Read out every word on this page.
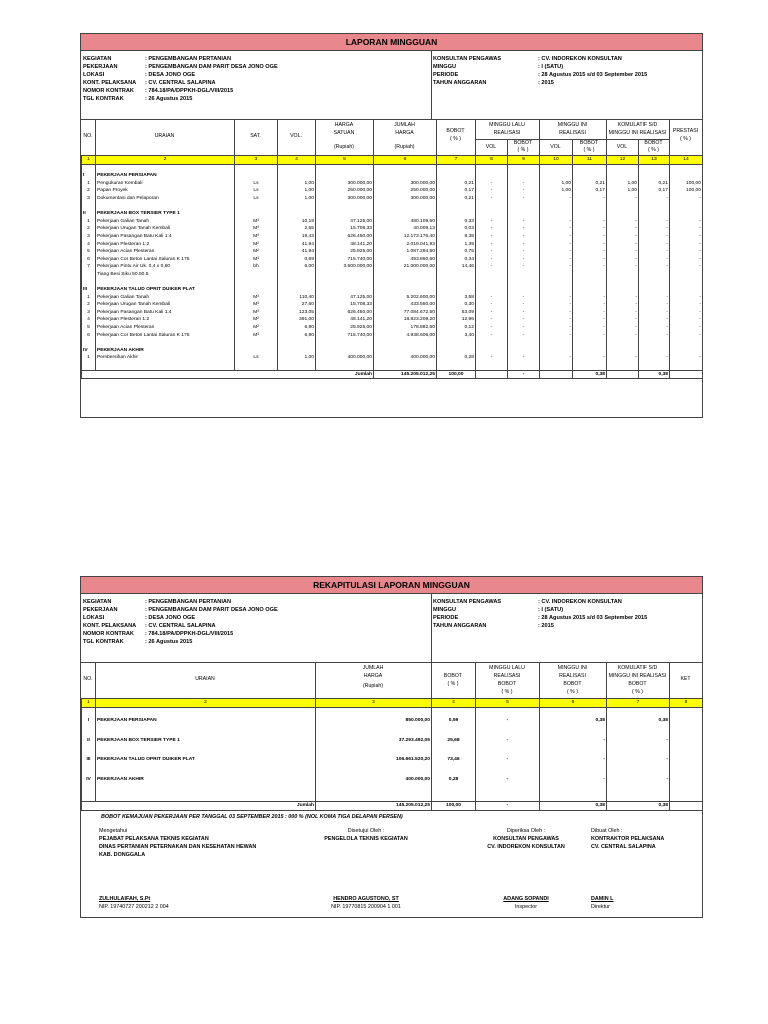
LAPORAN MINGGUAN
KEGIATAN	: PENGEMBANGAN PERTANIAN
PEKERJAAN	: PENGEMBANGAN DAM PARIT DESA JONO OGE
LOKASI	: DESA JONO OGE
KONT. PELAKSANA : CV. CENTRAL SALAPINA
NOMOR KONTRAK : 784.18/PA/DPPKH-DGL/VIII/2015
TGL KONTRAK	: 26 Agustus 2015
KONSULTAN PENGAWAS	: CV. INDOREKON KONSULTAN
MINGGU	: I (SATU)
PERIODE	: 28 Agustus 2015 s/d 03 September 2015
TAHUN ANGGARAN	: 2015
NO.	URAIAN	SAT.	VOL.
HARGA
SATUAN
(Rupiah)
JUMLAH
HARGA
(Rupiah)
BOBOT
( % )
MINGGU LALU
REALISASI
VOL
BOBOT
( % )
MINGGU INI
REALISASI
VOL
BOBOT
( % )
KOMULATIF S/D
MINGGU INI REALISASI
VOL
BOBOT
( % )
PRESTASI
( % )
1	2	3	4	5	6	7	8	9	10	11	12	13	14

I	PEKERJAAN PERSIAPAN												
1	Pengukuran Kembali	Ls	1,00	300.000,00	300.000,00	0,21	-	-	1,00	0,21	1,00	0,21	100,00
2	Papan Proyek	Ls	1,00	250.000,00	250.000,00	0,17	-	-	1,00	0,17	1,00	0,17	100,00
3	Dokumentasi dan Pelaporan	Ls	1,00	300.000,00	300.000,00	0,21	-	-	-	-	-	-	-

II	PEKERJAAN BOX TERSIER TYPE 1												
1	Pekerjaan Galian Tanah	M³	10,19	47.125,00	480.109,50	0,33	-	-	-	-	-	-	-
2	Pekerjaan Urugan Tanah Kembali	M³	2,55	15.708,33	40.009,13	0,03	-	-	-	-	-	-	-
3	Pekerjaan Pasangan Batu Kali 1:4	M³	19,43	626.450,00	12.173.176,40	8,38	-	-	-	-	-	-	-
4	Pekerjaan Plesteran 1:2	M²	41,94	48.141,20	2.019.041,93	1,39	-	-	-	-	-	-	-
5	Pekerjaan Acian Plesteran	M²	41,94	25.925,00	1.087.294,50	0,75	-	-	-	-	-	-	-
6	Pekerjaan Cor Beton Lantai Saluran K 175	M³	0,69	715.740,00	493.860,60	0,34	-	-	-	-	-	-	-
7	Pekerjaan Pintu Air Uk. 0,4 x 0,60	bh	6,00	3.500.000,00	21.000.000,00	14,46	-	-	-	-	-	-	-
	Tiang Besi Siku 50.50.5												

III	PEKERJAAN TALUD OPRIT DUIKER PLAT												
1	Pekerjaan Galian Tanah	M³	110,40	47.125,00	5.202.600,00	3,58	-	-	-	-	-	-	-
2	Pekerjaan Urugan Tanah Kembali	M³	27,60	15.708,33	433.550,00	0,30	-	-	-	-	-	-	-
3	Pekerjaan Pasangan Batu Kali 1:4	M³	123,05	626.450,00	77.084.672,50	53,09	-	-	-	-	-	-	-
4	Pekerjaan Plesteran 1:2	M²	391,00	48.141,20	18.823.209,20	12,96	-	-	-	-	-	-	-
5	Pekerjaan Acian Plesteran	M²	6,90	25.925,00	178.882,50	0,12	-	-	-	-	-	-	-
6	Pekerjaan Cor Beton Lantai Saluran K 175	M³	6,90	715.740,00	4.938.606,00	3,40	-	-	-	-	-	-	-

IV	PEKERJAAN AKHIR												
1	Pembersihan Akhir	Ls	1,00	400.000,00	400.000,00	0,28	-	-	-	-	-	-	-

Jumlah					145.205.012,25	100,00		-		0,38		0,38	
REKAPITULASI LAPORAN MINGGUAN
KEGIATAN	: PENGEMBANGAN PERTANIAN
PEKERJAAN	: PENGEMBANGAN DAM PARIT DESA JONO OGE
LOKASI	: DESA JONO OGE
KONT. PELAKSANA : CV. CENTRAL SALAPINA
NOMOR KONTRAK : 784.18/PA/DPPKH-DGL/VIII/2015
TGL KONTRAK	: 26 Agustus 2015
KONSULTAN PENGAWAS	: CV. INDOREKON KONSULTAN
MINGGU	: I (SATU)
PERIODE	: 28 Agustus 2015 s/d 03 September 2015
TAHUN ANGGARAN	: 2015
NO.	URAIAN
JUMLAH
HARGA
(Rupiah)
BOBOT
( % )
MINGGU LALU
REALISASI
BOBOT
( % )
MINGGU INI
REALISASI
BOBOT
( % )
KOMULATIF S/D
MINGGU INI REALISASI
BOBOT
( % )
KET
1	2	3	4	5	6	7	8

I	PEKERJAAN PERSIAPAN	850.000,00	0,59	-	0,38	0,38	

II	PEKERJAAN BOX TERSIER TYPE 1	37.293.492,05	25,68	-	-	-	

III	PEKERJAAN TALUD OPRIT DUIKER PLAT	106.661.520,20	73,46	-	-	-	

IV	PEKERJAAN AKHIR	400.000,00	0,28	-	-	-	

Jumlah		145.205.012,25	100,00	-	0,38	0,38	
BOBOT KEMAJUAN PEKERJAAN PER TANGGAL 03 SEPTEMBER 2015 : 000 % (NOL KOMA TIGA DELAPAN PERSEN)
Mengetahui
PEJABAT PELAKSANA TEKNIS KEGIATAN
DINAS PERTANIAN PETERNAKAN DAN KESEHATAN HEWAN
KAB. DONGGALA
ZULHULAIFAH, S.Pt
NIP. 19740727 200212 2 004
Disetujui Oleh :
PENGELOLA TEKNIS KEGIATAN
HENDRO AGUSTONO, ST
NIP. 19770815 200904 1 001
Diperiksa Oleh :
KONSULTAN PENGAWAS
CV. INDOREKON KONSULTAN
ADANG SOPANDI
Inspector
Dibuat Oleh :
KONTRAKTOR PELAKSANA
CV. CENTRAL SALAPINA
DAMIN L
Direktur
